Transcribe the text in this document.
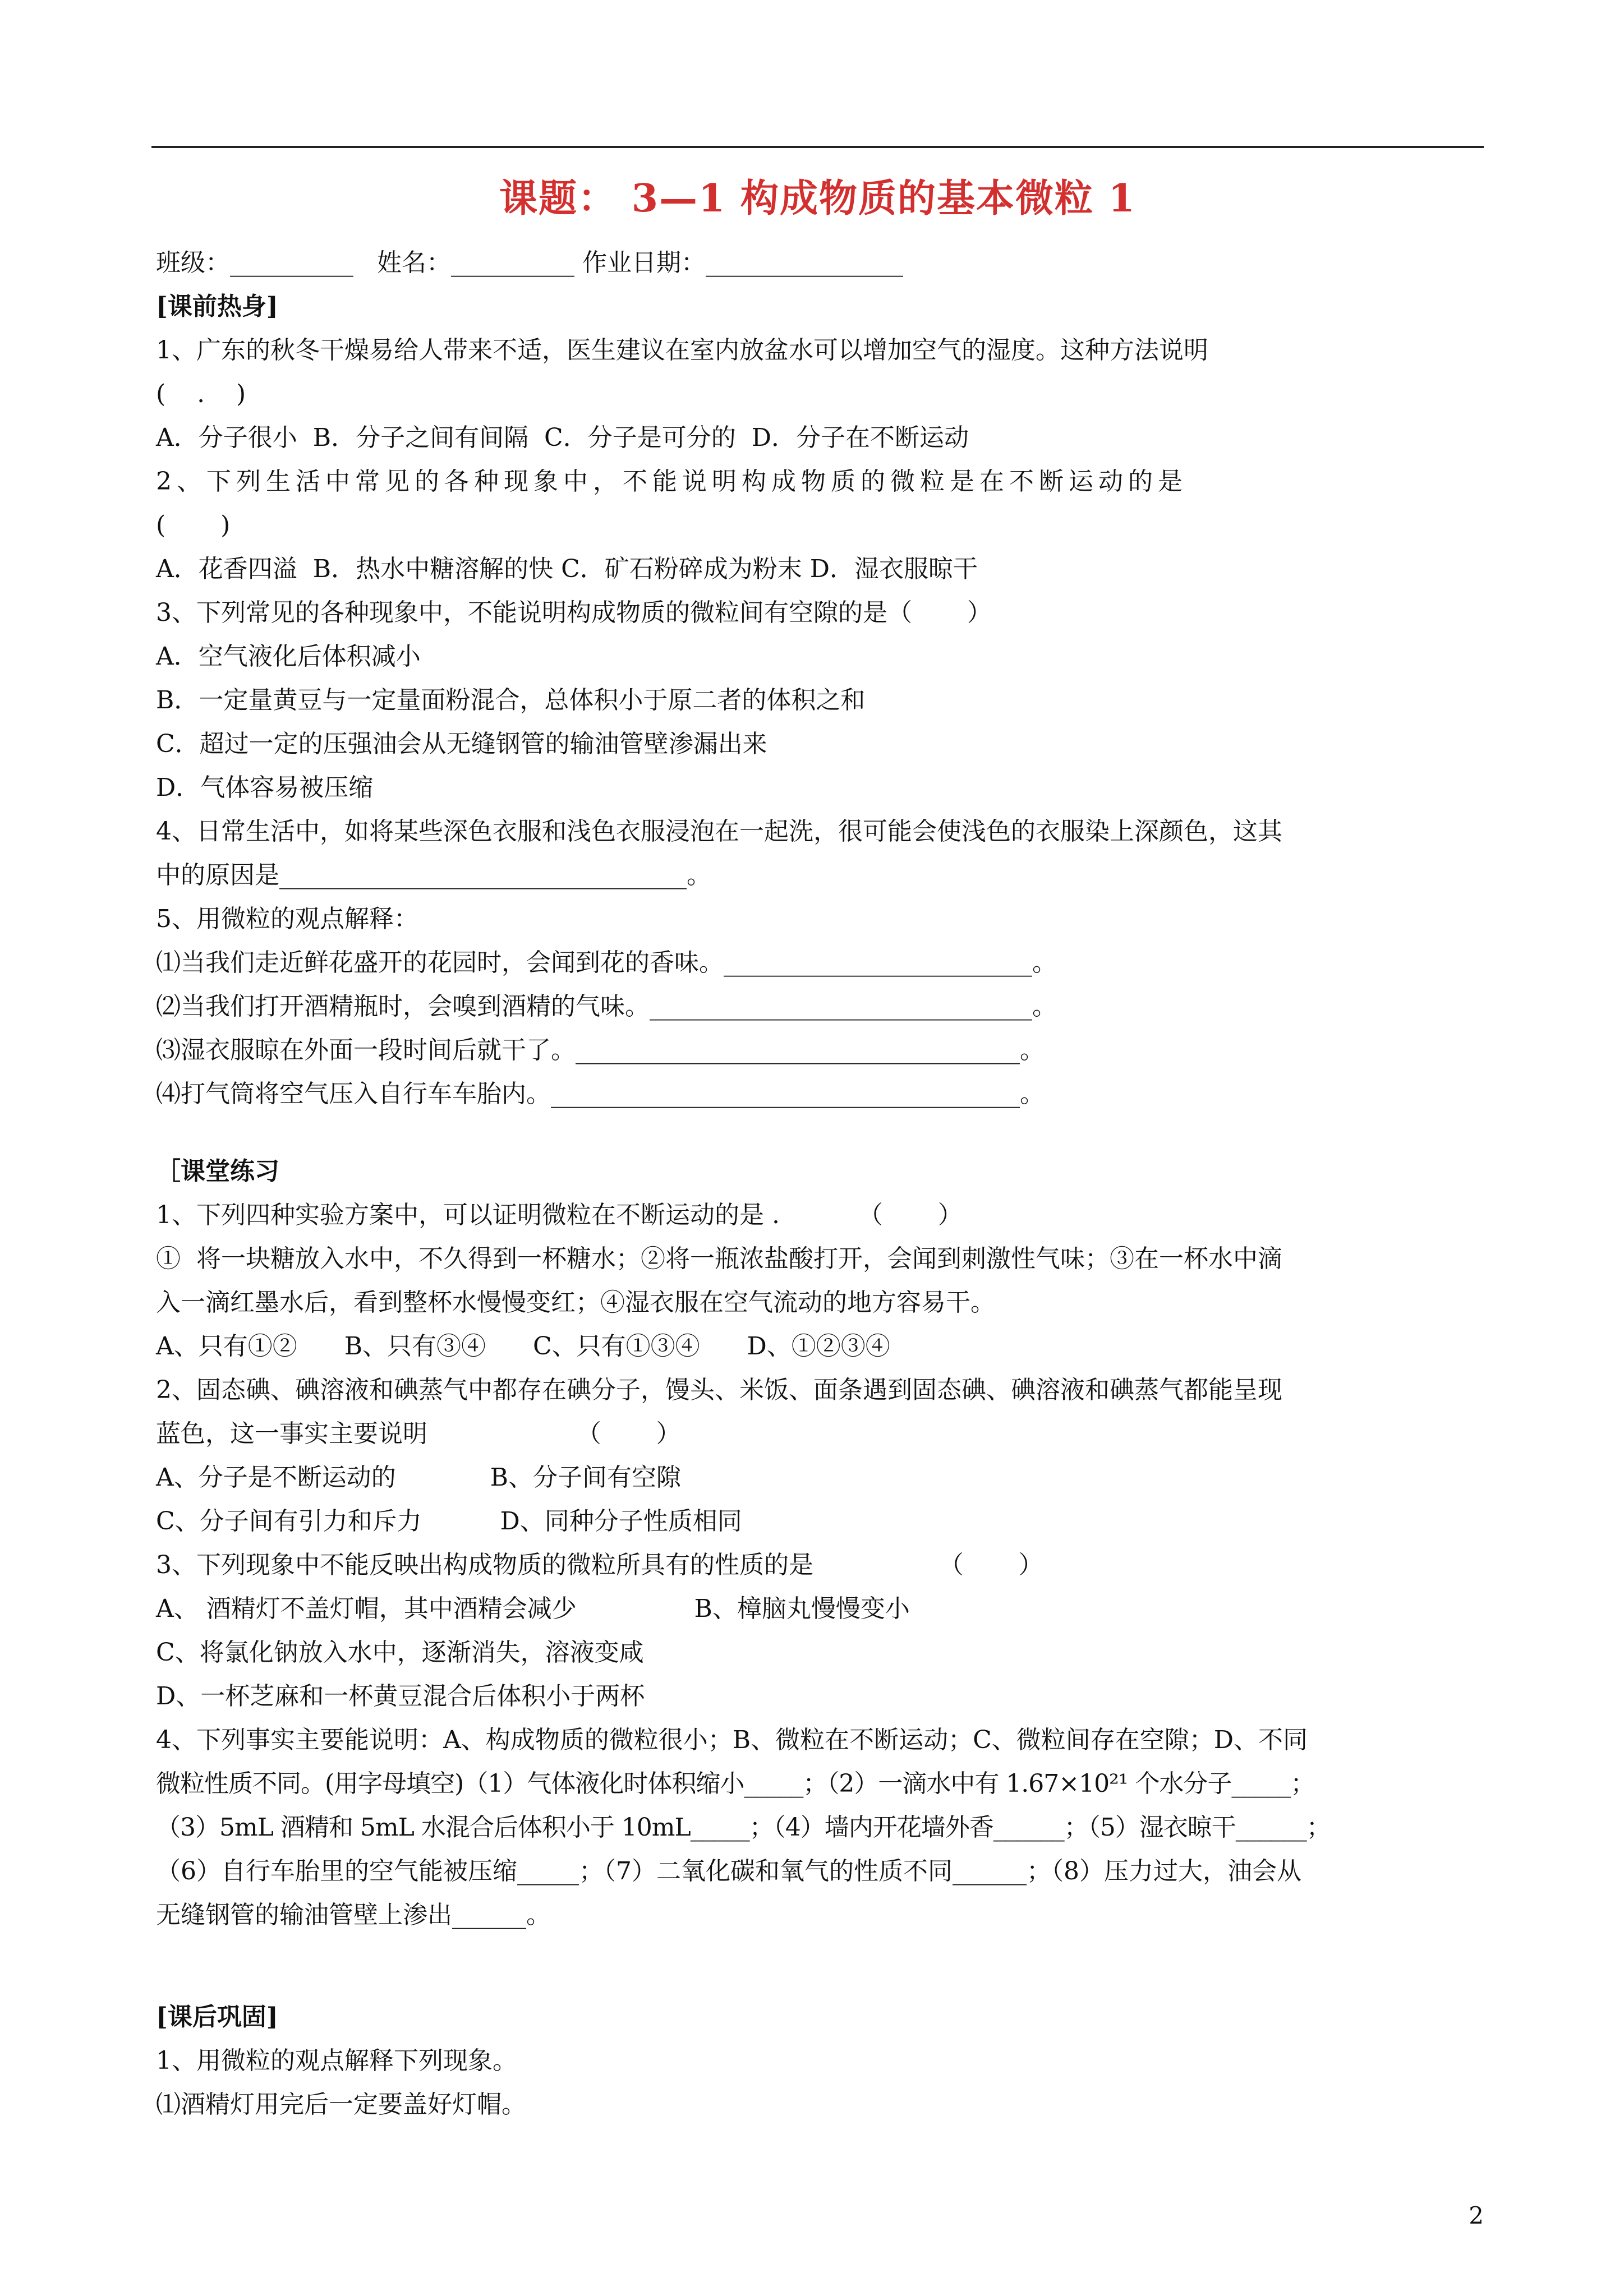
课题： 3—1 构成物质的基本微粒 1
班级：__________ 姓名：__________ 作业日期：________________
[课前热身]
1、广东的秋冬干燥易给人带来不适，医生建议在室内放盆水可以增加空气的湿度。这种方法说明
(    .    )
A．分子很小  B．分子之间有间隔  C．分子是可分的  D．分子在不断运动
2、下列生活中常见的各种现象中，不能说明构成物质的微粒是在不断运动的是
(       )
A．花香四溢  B．热水中糖溶解的快 C．矿石粉碎成为粉末 D．湿衣服晾干
3、下列常见的各种现象中，不能说明构成物质的微粒间有空隙的是（       ）
A．空气液化后体积减小
B．一定量黄豆与一定量面粉混合，总体积小于原二者的体积之和
C．超过一定的压强油会从无缝钢管的输油管壁渗漏出来
D．气体容易被压缩
4、日常生活中，如将某些深色衣服和浅色衣服浸泡在一起洗，很可能会使浅色的衣服染上深颜色，这其
中的原因是_________________________________。
5、用微粒的观点解释：
⑴当我们走近鲜花盛开的花园时，会闻到花的香味。_________________________。
⑵当我们打开酒精瓶时，会嗅到酒精的气味。_______________________________。
⑶湿衣服晾在外面一段时间后就干了。____________________________________。
⑷打气筒将空气压入自行车车胎内。______________________________________。
［课堂练习
1、下列四种实验方案中，可以证明微粒在不断运动的是 .          （       ）
①  将一块糖放入水中，不久得到一杯糖水；②将一瓶浓盐酸打开，会闻到刺激性气味；③在一杯水中滴
入一滴红墨水后，看到整杯水慢慢变红；④湿衣服在空气流动的地方容易干。
A、只有①②      B、只有③④      C、只有①③④      D、①②③④
2、固态碘、碘溶液和碘蒸气中都存在碘分子，馒头、米饭、面条遇到固态碘、碘溶液和碘蒸气都能呈现
蓝色，这一事实主要说明                   （       ）
A、分子是不断运动的            B、分子间有空隙
C、分子间有引力和斥力          D、同种分子性质相同
3、下列现象中不能反映出构成物质的微粒所具有的性质的是                （       ）
A、 酒精灯不盖灯帽，其中酒精会减少               B、樟脑丸慢慢变小
C、将氯化钠放入水中，逐渐消失，溶液变咸
D、一杯芝麻和一杯黄豆混合后体积小于两杯
4、下列事实主要能说明：A、构成物质的微粒很小；B、微粒在不断运动；C、微粒间存在空隙；D、不同
微粒性质不同。(用字母填空)（1）气体液化时体积缩小_____；（2）一滴水中有 1.67×10²¹ 个水分子_____；
（3）5mL 酒精和 5mL 水混合后体积小于 10mL_____；（4）墙内开花墙外香______；（5）湿衣晾干______；
（6）自行车胎里的空气能被压缩_____；（7）二氧化碳和氧气的性质不同______；（8）压力过大，油会从
无缝钢管的输油管壁上渗出______。
[课后巩固]
1、用微粒的观点解释下列现象。
⑴酒精灯用完后一定要盖好灯帽。
2
